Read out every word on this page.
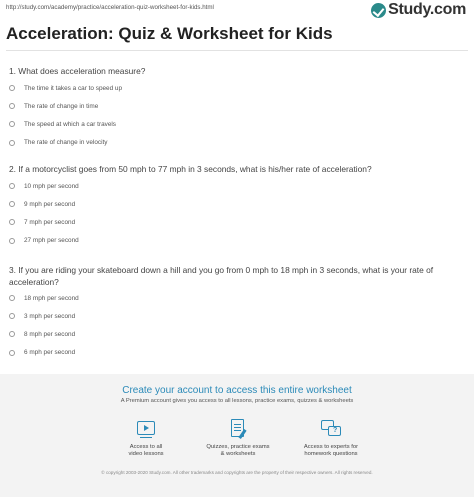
http://study.com/academy/practice/acceleration-quiz-worksheet-for-kids.html	Study.com
Acceleration: Quiz & Worksheet for Kids
1. What does acceleration measure?
The time it takes a car to speed up
The rate of change in time
The speed at which a car travels
The rate of change in velocity
2. If a motorcyclist goes from 50 mph to 77 mph in 3 seconds, what is his/her rate of acceleration?
10 mph per second
9 mph per second
7 mph per second
27 mph per second
3. If you are riding your skateboard down a hill and you go from 0 mph to 18 mph in 3 seconds, what is your rate of acceleration?
18 mph per second
3 mph per second
8 mph per second
6 mph per second
Create your account to access this entire worksheet
A Premium account gives you access to all lessons, practice exams, quizzes & worksheets
Access to all
video lessons
Quizzes, practice exams
& worksheets
?
Access to experts for
homework questions
© copyright 2003-2020 Study.com. All other trademarks and copyrights are the property of their respective owners. All rights reserved.
